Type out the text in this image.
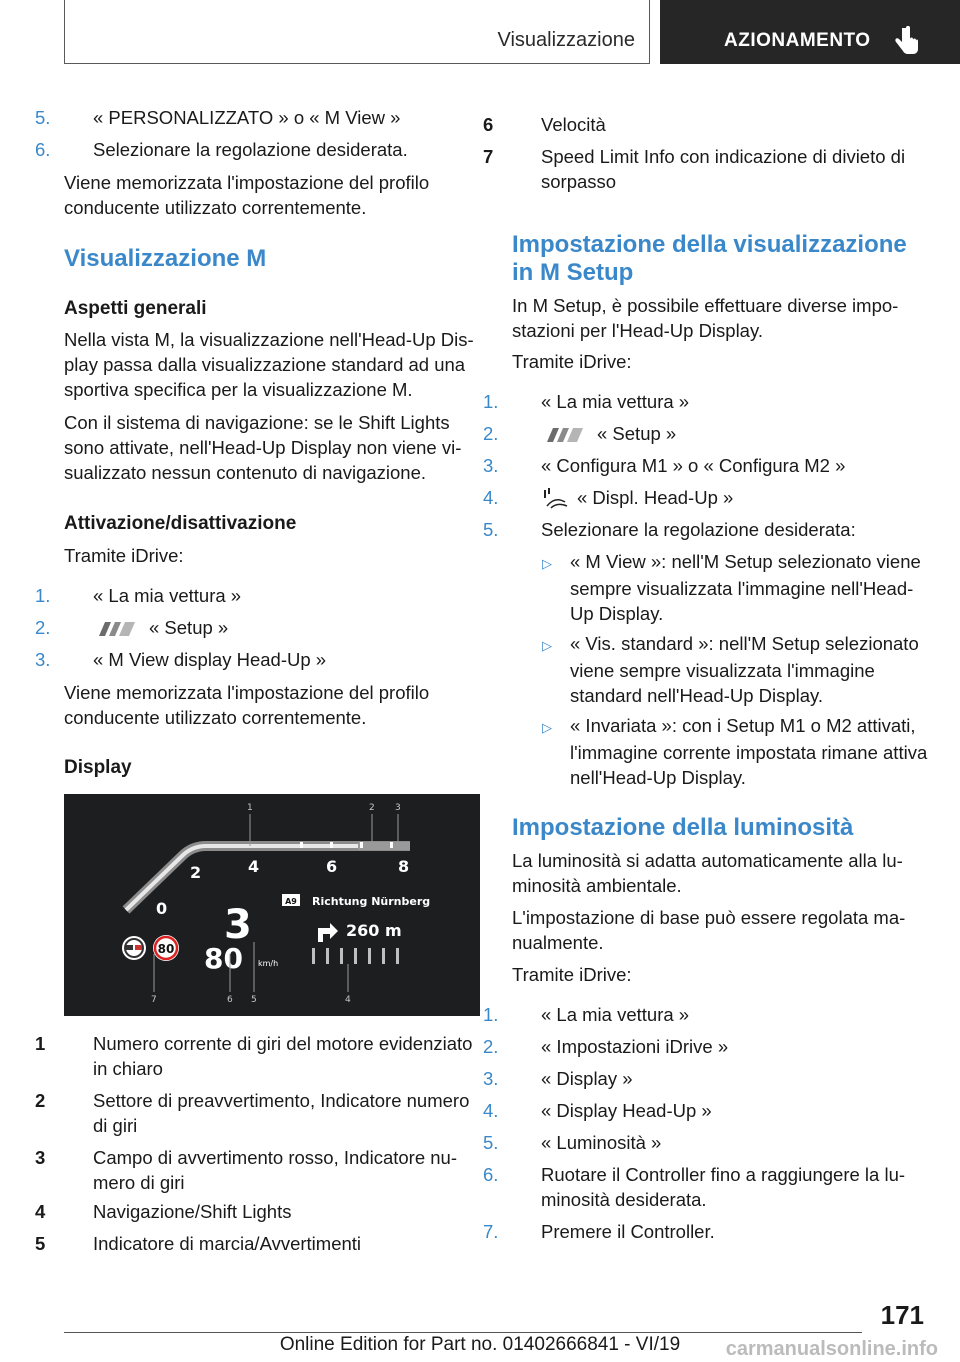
Visualizzazione	AZIONAMENTO
5. « PERSONALIZZATO » o « M View »
6. Selezionare la regolazione desiderata.
Viene memorizzata l'impostazione del profilo conducente utilizzato correntemente.
Visualizzazione M
Aspetti generali
Nella vista M, la visualizzazione nell'Head-Up Display passa dalla visualizzazione standard ad una sportiva specifica per la visualizzazione M.
Con il sistema di navigazione: se le Shift Lights sono attivate, nell'Head-Up Display non viene visualizzato nessun contenuto di navigazione.
Attivazione/disattivazione
Tramite iDrive:
1. « La mia vettura »
2.	« Setup »
3. « M View display Head-Up »
Viene memorizzata l'impostazione del profilo conducente utilizzato correntemente.
Display
0
2	4	6	8
3
80 km/h
80
A9 Richtung Nürnberg
260 m
1	2 3
7	6 5	4
1	Numero corrente di giri del motore evidenziato in chiaro
2	Settore di preavvertimento, Indicatore numero di giri
3	Campo di avvertimento rosso, Indicatore numero di giri
4	Navigazione/Shift Lights
5	Indicatore di marcia/Avvertimenti
6	Velocità
7	Speed Limit Info con indicazione di divieto di sorpasso
Impostazione della visualizzazione in M Setup
In M Setup, è possibile effettuare diverse impostazioni per l'Head-Up Display.
Tramite iDrive:
1. « La mia vettura »
2.	« Setup »
3. « Configura M1 » o « Configura M2 »
4.	« Displ. Head-Up »
5. Selezionare la regolazione desiderata:
▷ « M View »: nell'M Setup selezionato viene sempre visualizzata l'immagine nell'Head-Up Display.
▷ « Vis. standard »: nell'M Setup selezionato viene sempre visualizzata l'immagine standard nell'Head-Up Display.
▷ « Invariata »: con i Setup M1 o M2 attivati, l'immagine corrente impostata rimane attiva nell'Head-Up Display.
Impostazione della luminosità
La luminosità si adatta automaticamente alla luminosità ambientale.
L'impostazione di base può essere regolata manualmente.
Tramite iDrive:
1. « La mia vettura »
2. « Impostazioni iDrive »
3. « Display »
4. « Display Head-Up »
5. « Luminosità »
6. Ruotare il Controller fino a raggiungere la luminosità desiderata.
7. Premere il Controller.
171
Online Edition for Part no. 01402666841 - VI/19 carmanualsonline.info
